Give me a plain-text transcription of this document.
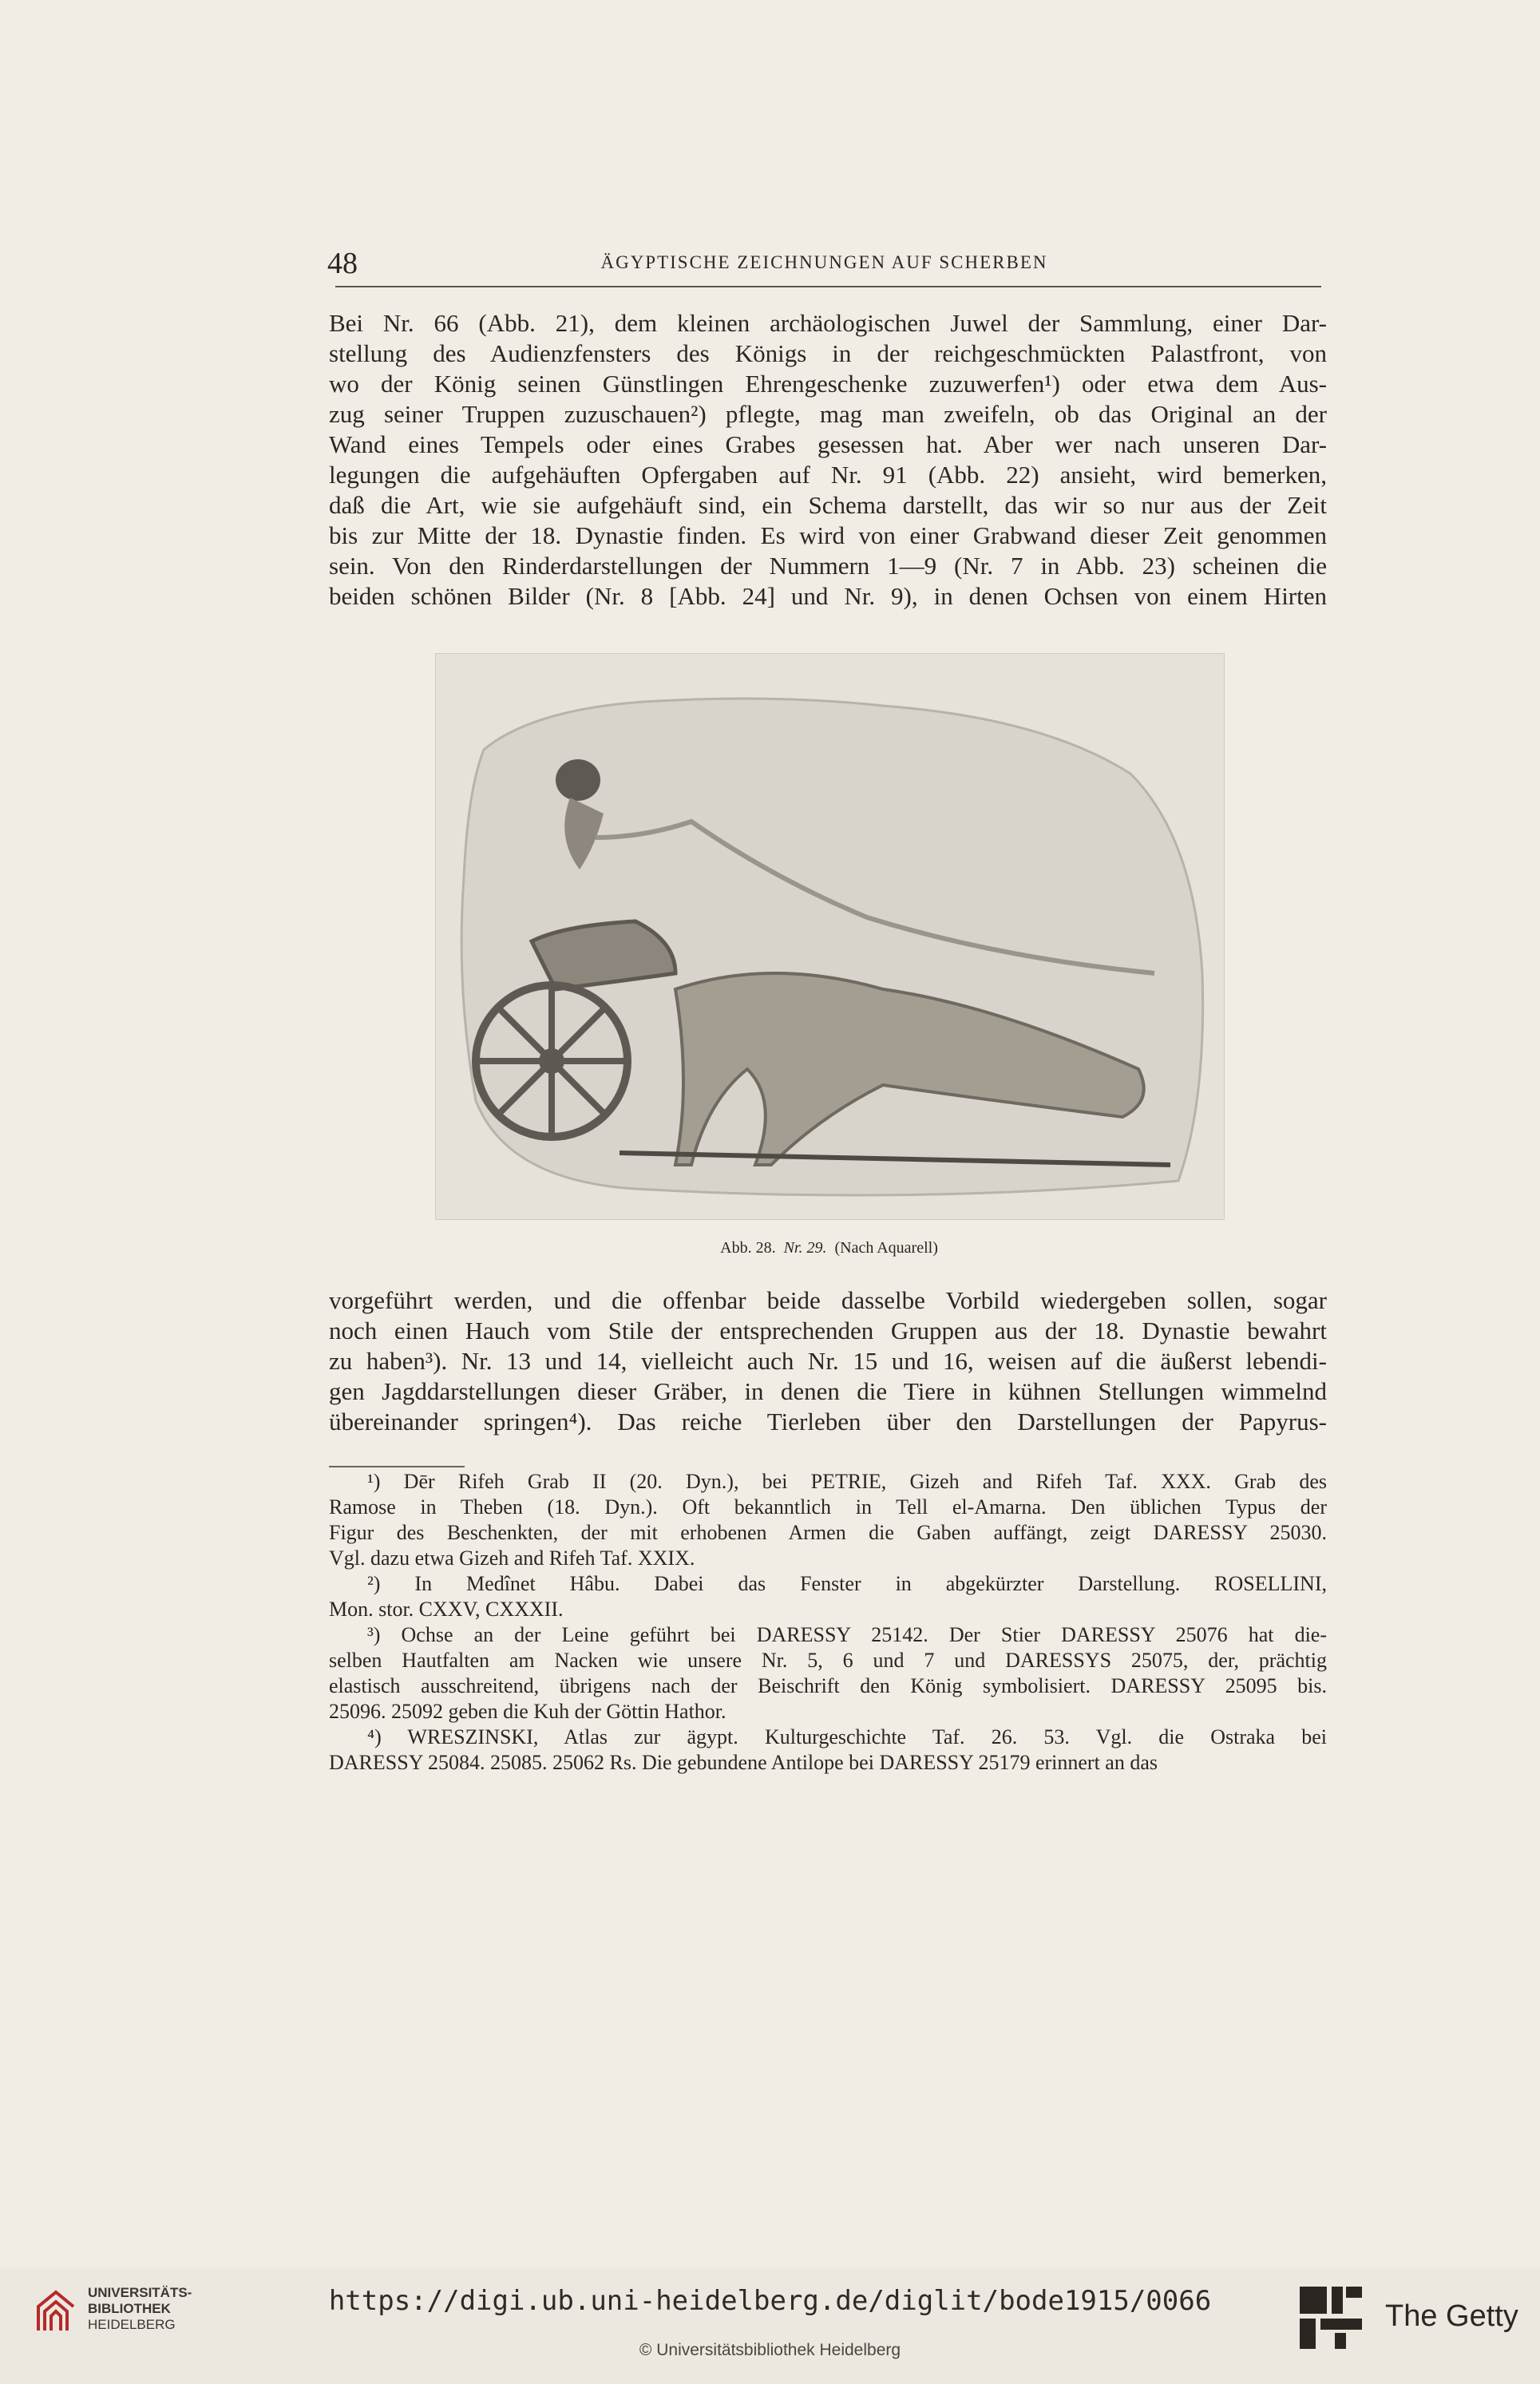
48	ÄGYPTISCHE ZEICHNUNGEN AUF SCHERBEN
Bei Nr. 66 (Abb. 21), dem kleinen archäologischen Juwel der Sammlung, einer Dar-
stellung des Audienzfensters des Königs in der reichgeschmückten Palastfront, von
wo der König seinen Günstlingen Ehrengeschenke zuzuwerfen¹) oder etwa dem Aus-
zug seiner Truppen zuzuschauen²) pflegte, mag man zweifeln, ob das Original an der
Wand eines Tempels oder eines Grabes gesessen hat. Aber wer nach unseren Dar-
legungen die aufgehäuften Opfergaben auf Nr. 91 (Abb. 22) ansieht, wird bemerken,
daß die Art, wie sie aufgehäuft sind, ein Schema darstellt, das wir so nur aus der Zeit
bis zur Mitte der 18. Dynastie finden. Es wird von einer Grabwand dieser Zeit genommen
sein. Von den Rinderdarstellungen der Nummern 1—9 (Nr. 7 in Abb. 23) scheinen die
beiden schönen Bilder (Nr. 8 [Abb. 24] und Nr. 9), in denen Ochsen von einem Hirten
Abb. 28. Nr. 29. (Nach Aquarell)
vorgeführt werden, und die offenbar beide dasselbe Vorbild wiedergeben sollen, sogar
noch einen Hauch vom Stile der entsprechenden Gruppen aus der 18. Dynastie bewahrt
zu haben³). Nr. 13 und 14, vielleicht auch Nr. 15 und 16, weisen auf die äußerst lebendi-
gen Jagddarstellungen dieser Gräber, in denen die Tiere in kühnen Stellungen wimmelnd
übereinander springen⁴). Das reiche Tierleben über den Darstellungen der Papyrus-
¹) Dēr Rifeh Grab II (20. Dyn.), bei PETRIE, Gizeh and Rifeh Taf. XXX. Grab des
Ramose in Theben (18. Dyn.). Oft bekanntlich in Tell el-Amarna. Den üblichen Typus der
Figur des Beschenkten, der mit erhobenen Armen die Gaben auffängt, zeigt DARESSY 25030.
Vgl. dazu etwa Gizeh and Rifeh Taf. XXIX.
²) In Medînet Hâbu. Dabei das Fenster in abgekürzter Darstellung. ROSELLINI,
Mon. stor. CXXV, CXXXII.
³) Ochse an der Leine geführt bei DARESSY 25142. Der Stier DARESSY 25076 hat die-
selben Hautfalten am Nacken wie unsere Nr. 5, 6 und 7 und DARESSYS 25075, der, prächtig
elastisch ausschreitend, übrigens nach der Beischrift den König symbolisiert. DARESSY 25095 bis.
25096. 25092 geben die Kuh der Göttin Hathor.
⁴) WRESZINSKI, Atlas zur ägypt. Kulturgeschichte Taf. 26. 53. Vgl. die Ostraka bei
DARESSY 25084. 25085. 25062 Rs. Die gebundene Antilope bei DARESSY 25179 erinnert an das
UNIVERSITÄTS-
BIBLIOTHEK
HEIDELBERG
https://digi.ub.uni-heidelberg.de/diglit/bode1915/0066
© Universitätsbibliothek Heidelberg
The Getty
